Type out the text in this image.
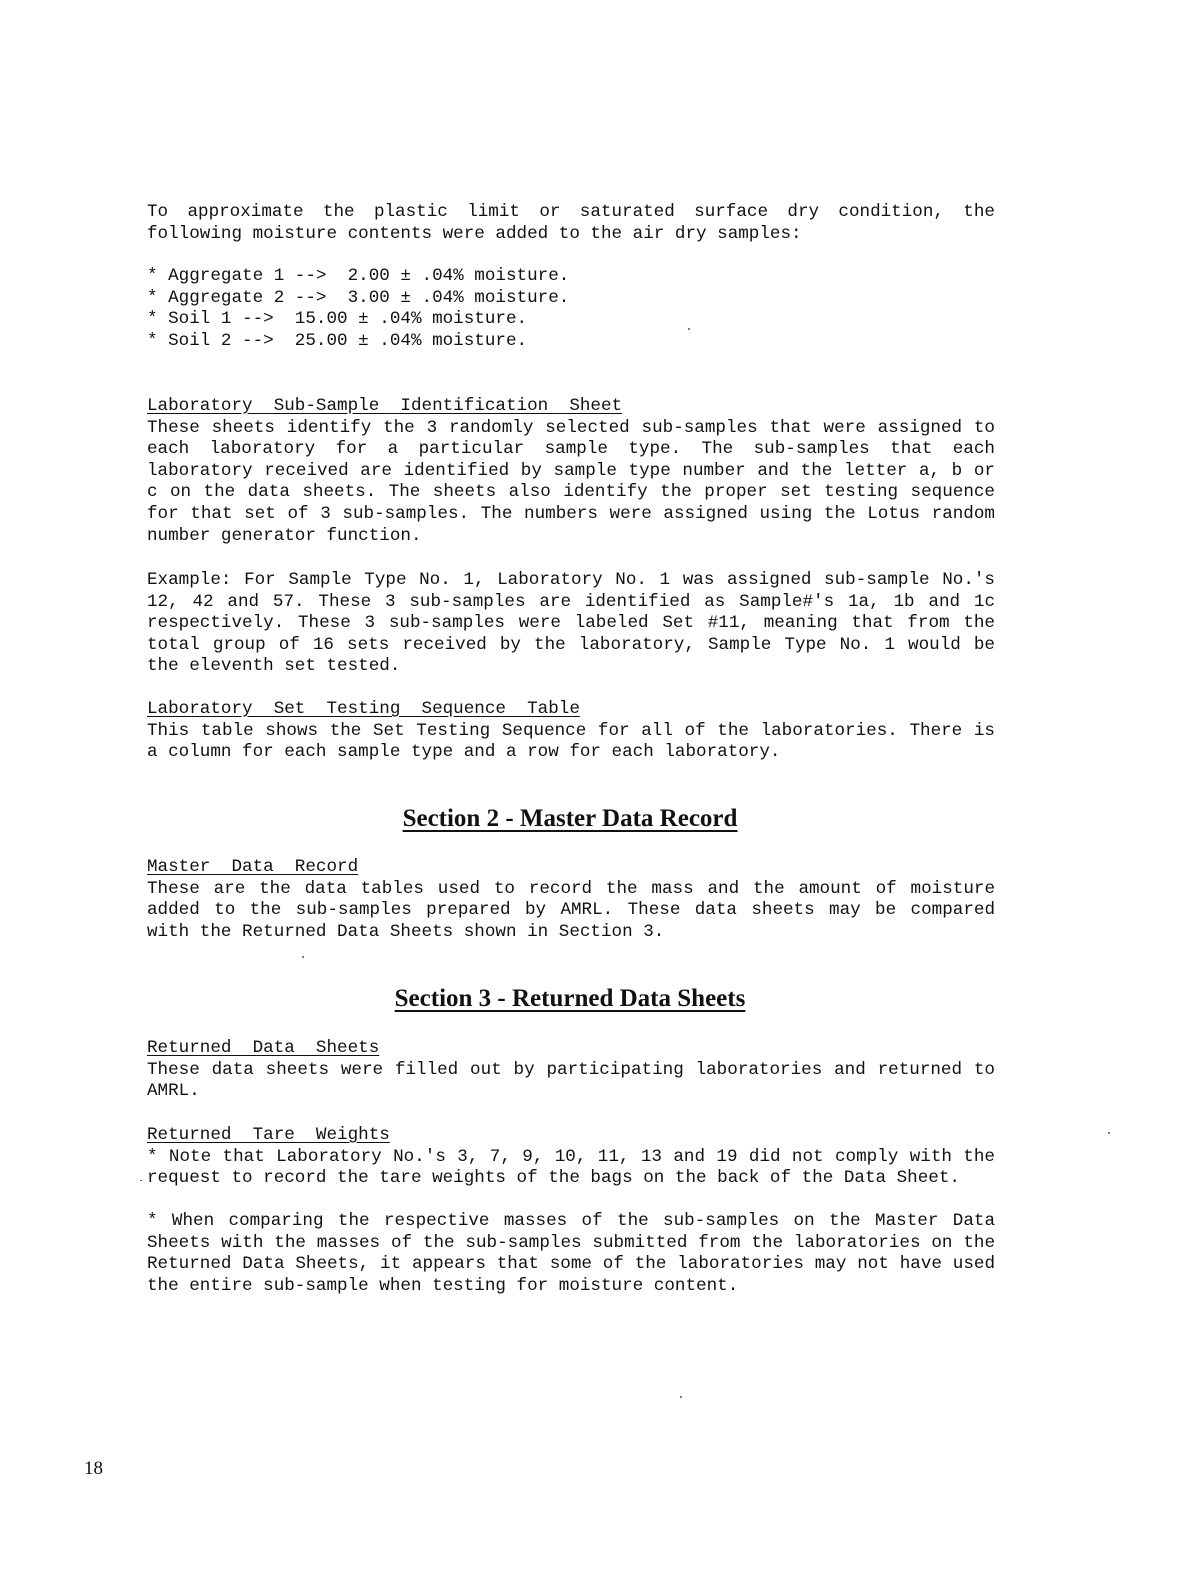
To approximate the plastic limit or saturated surface dry condition, the following moisture contents were added to the air dry samples:
* Aggregate 1 -->  2.00 ± .04% moisture.
* Aggregate 2 -->  3.00 ± .04% moisture.
* Soil 1 -->  15.00 ± .04% moisture.
* Soil 2 -->  25.00 ± .04% moisture.
Laboratory  Sub-Sample  Identification  Sheet
These sheets identify the 3 randomly selected sub-samples that were assigned to each laboratory for a particular sample type. The sub-samples that each laboratory received are identified by sample type number and the letter a, b or c on the data sheets. The sheets also identify the proper set testing sequence for that set of 3 sub-samples. The numbers were assigned using the Lotus random number generator function.
Example: For Sample Type No. 1, Laboratory No. 1 was assigned sub-sample No.'s 12, 42 and 57. These 3 sub-samples are identified as Sample#'s 1a, 1b and 1c respectively. These 3 sub-samples were labeled Set #11, meaning that from the total group of 16 sets received by the laboratory, Sample Type No. 1 would be the eleventh set tested.
Laboratory  Set  Testing  Sequence  Table
This table shows the Set Testing Sequence for all of the laboratories. There is a column for each sample type and a row for each laboratory.
Section 2 - Master Data Record
Master  Data  Record
These are the data tables used to record the mass and the amount of moisture added to the sub-samples prepared by AMRL. These data sheets may be compared with the Returned Data Sheets shown in Section 3.
Section 3 - Returned Data Sheets
Returned  Data  Sheets
These data sheets were filled out by participating laboratories and returned to AMRL.
Returned  Tare  Weights
* Note that Laboratory No.'s 3, 7, 9, 10, 11, 13 and 19 did not comply with the request to record the tare weights of the bags on the back of the Data Sheet.
* When comparing the respective masses of the sub-samples on the Master Data Sheets with the masses of the sub-samples submitted from the laboratories on the Returned Data Sheets, it appears that some of the laboratories may not have used the entire sub-sample when testing for moisture content.
18
